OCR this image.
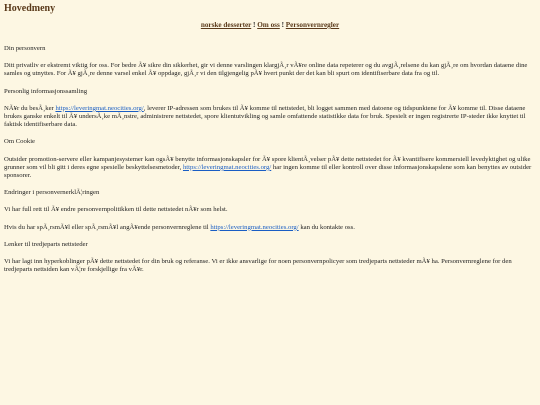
Hovedmeny
norske desserter ! Om oss ! Personvernregler
Din personvern

Ditt privatliv er ekstremt viktig for oss. For bedre Ã¥ sikre din sikkerhet, gir vi denne varslingen klargjÃ¸r vÃ¥re online data repeterer og du avgjÃ¸relsene du kan gjÃ¸re om hvordan dataene dine samles og utnyttes. For Ã¥ gjÃ¸re denne varsel enkel Ã¥ oppdage, gjÃ¸r vi den tilgjengelig pÃ¥ hvert punkt der det kan bli spurt om identifiserbare data fra og til.

Personlig informasjonssamling

NÃ¥r du besÃ¸ker https://leveringmat.neocities.org/, leverer IP-adressen som brukes til Ã¥ komme til nettstedet, bli logget sammen med datoene og tidspunktene for Ã¥ komme til. Disse dataene brukes ganske enkelt til Ã¥ undersÃ¸ke mÃ¸nstre, administrere nettstedet, spore klientutvikling og samle omfattende statistikke data for bruk. Spesielt er ingen registrerte IP-steder ikke knyttet til faktisk identifiserbare data.

Om Cookie

Outsider promotion-servere eller kampanjesystemer kan ogsÃ¥ benytte informasjonskapsler for Ã¥ spore klientÃ¸velser pÃ¥ dette nettstedet for Ã¥ kvantifisere kommersiell levedyktighet og ulike grunner som vil bli gitt i deres egne spesielle beskyttelsesmetoder, https://leveringmat.neocities.org/ har ingen komme til eller kontroll over disse informasjonskapslene som kan benyttes av outsider sponsorer.

Endringer i personvernerklÃ¦ringen

Vi har full rett til Ã¥ endre personvernpolitikken til dette nettstedet nÃ¥r som helst.

Hvis du har spÃ¸rsmÃ¥l eller spÃ¸rsmÃ¥l angÃ¥ende personvernreglene til https://leveringmat.neocities.org/ kan du kontakte oss.

Lenker til tredjeparts nettsteder

Vi har lagt inn hyperkoblinger pÃ¥ dette nettstedet for din bruk og referanse. Vi er ikke ansvarlige for noen personvernpolicyer som tredjeparts nettsteder mÃ¥ ha. Personvernreglene for den tredjeparts nettsiden kan vÃ¦re forskjellige fra vÃ¥r.
